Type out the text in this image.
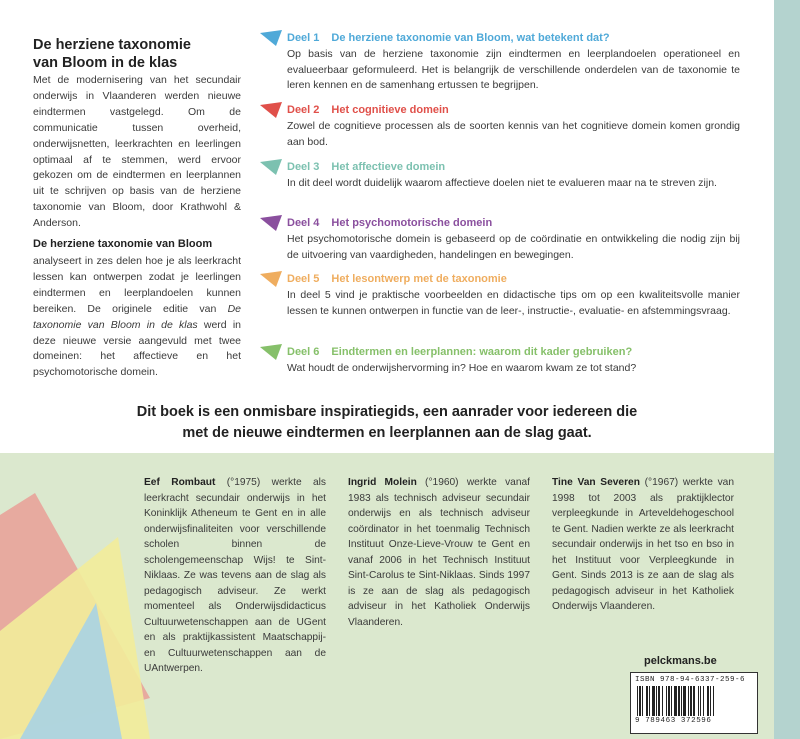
De herziene taxonomie
van Bloom in de klas

Met de modernisering van het secundair onderwijs in Vlaanderen werden nieuwe eindtermen vastgelegd. Om de communicatie tussen overheid, onderwijsnetten, leerkrachten en leerlingen optimaal af te stemmen, werd ervoor gekozen om de eindtermen en leerplannen uit te schrijven op basis van de herziene taxonomie van Bloom, door Krathwohl & Anderson.

De herziene taxonomie van Bloom

analyseert in zes delen hoe je als leerkracht lessen kan ontwerpen zodat je leerlingen eindtermen en leerplandoelen kunnen bereiken. De originele editie van De taxonomie van Bloom in de klas werd in deze nieuwe versie aangevuld met twee domeinen: het affectieve en het psychomotorische domein.

Deel 1 De herziene taxonomie van Bloom, wat betekent dat?

Op basis van de herziene taxonomie zijn eindtermen en leerplandoelen operationeel en evalueerbaar geformuleerd. Het is belangrijk de verschillende onderdelen van de taxonomie te leren kennen en de samenhang ertussen te begrijpen.

Deel 2 Het cognitieve domein

Zowel de cognitieve processen als de soorten kennis van het cognitieve domein komen grondig aan bod.

Deel 3 Het affectieve domein

In dit deel wordt duidelijk waarom affectieve doelen niet te evalueren maar na te streven zijn.

Deel 4 Het psychomotorische domein

Het psychomotorische domein is gebaseerd op de coördinatie en ontwikkeling die nodig zijn bij de uitvoering van vaardigheden, handelingen en bewegingen.

Deel 5 Het lesontwerp met de taxonomie

In deel 5 vind je praktische voorbeelden en didactische tips om op een kwaliteitsvolle manier lessen te kunnen ontwerpen in functie van de leer-, instructie-, evaluatie- en afstemmingsvraag.

Deel 6 Eindtermen en leerplannen: waarom dit kader gebruiken?

Wat houdt de onderwijshervorming in? Hoe en waarom kwam ze tot stand?

Dit boek is een onmisbare inspiratiegids, een aanrader voor iedereen die
met de nieuwe eindtermen en leerplannen aan de slag gaat.

Eef Rombaut (°1975) werkte als leerkracht secundair onderwijs in het Koninklijk Atheneum te Gent en in alle onderwijsfinaliteiten voor verschillende scholen binnen de scholengemeenschap Wijs! te Sint-Niklaas. Ze was tevens aan de slag als pedagogisch adviseur. Ze werkt momenteel als Onderwijsdidacticus Cultuurwetenschappen aan de UGent en als praktijkassistent Maatschappij- en Cultuurwetenschappen aan de UAntwerpen.

Ingrid Molein (°1960) werkte vanaf 1983 als technisch adviseur secundair onderwijs en als technisch adviseur coördinator in het toenmalig Technisch Instituut Onze-Lieve-Vrouw te Gent en vanaf 2006 in het Technisch Instituut Sint-Carolus te Sint-Niklaas. Sinds 1997 is ze aan de slag als pedagogisch adviseur in het Katholiek Onderwijs Vlaanderen.

Tine Van Severen (°1967) werkte van 1998 tot 2003 als praktijklector verpleegkunde in Arteveldehogeschool te Gent. Nadien werkte ze als leerkracht secundair onderwijs in het tso en bso in het Instituut voor Verpleegkunde in Gent. Sinds 2013 is ze aan de slag als pedagogisch adviseur in het Katholiek Onderwijs Vlaanderen.

pelckmans.be
ISBN 978-94-6337-259-6
9 789463 372596
